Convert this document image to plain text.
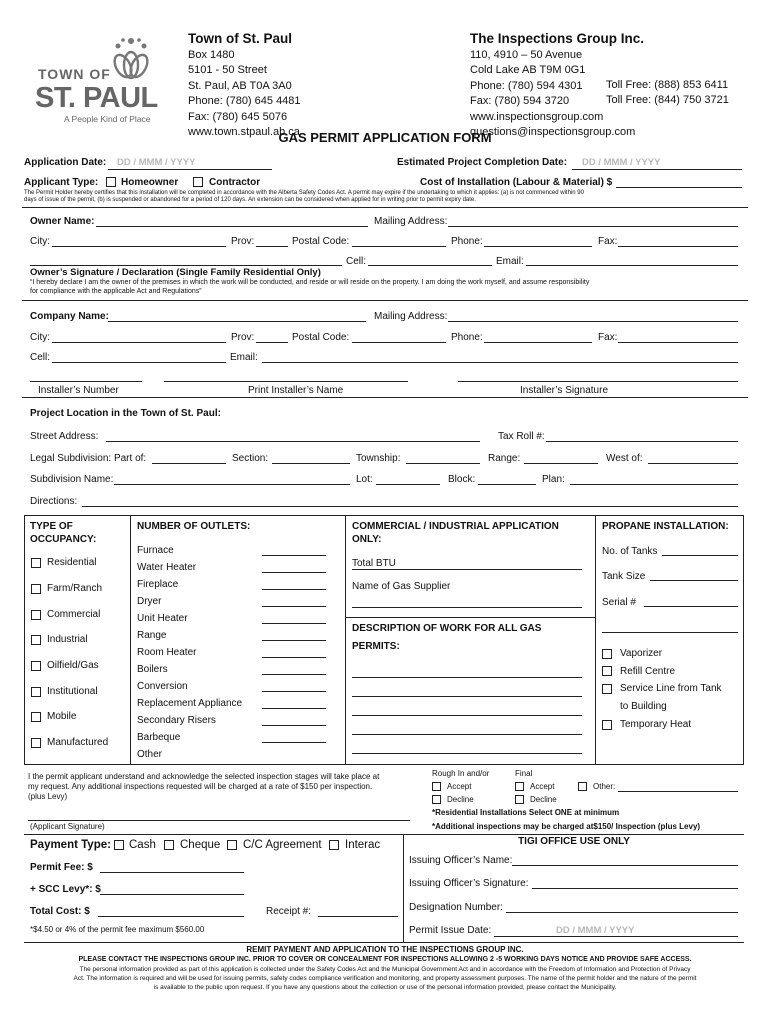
TOWN OF
ST. PAUL
A People Kind of Place
Town of St. Paul
Box 1480
5101 - 50 Street
St. Paul, AB T0A 3A0
Phone: (780) 645 4481
Fax: (780) 645 5076
www.town.stpaul.ab.ca
The Inspections Group Inc.
110, 4910 – 50 Avenue
Cold Lake AB T9M 0G1
Phone: (780) 594 4301
Fax: (780) 594 3720
www.inspectionsgroup.com
questions@inspectionsgroup.com
Toll Free: (888) 853 6411
Toll Free: (844) 750 3721
GAS PERMIT APPLICATION FORM
Application Date: DD / MMM / YYYY	Estimated Project Completion Date: DD / MMM / YYYY
Applicant Type: Homeowner	Contractor	Cost of Installation (Labour & Material) $
The Permit Holder hereby certifies that this installation will be completed in accordance with the Alberta Safety Codes Act. A permit may expire if the undertaking to which it applies: (a) is not commenced within 90
days of issue of the permit, (b) is suspended or abandoned for a period of 120 days. An extension can be considered when applied for in writing prior to permit expiry date.
Owner Name:	Mailing Address:
City:	Prov:	Postal Code:	Phone:	Fax:
Cell:	Email:
Owner’s Signature / Declaration (Single Family Residential Only)
“I hereby declare I am the owner of the premises in which the work will be conducted, and reside or will reside on the property. I am doing the work myself, and assume responsibility
for compliance with the applicable Act and Regulations”
Company Name:	Mailing Address:
City:	Prov:	Postal Code:	Phone:	Fax:
Cell:	Email:
Installer’s Number	Print Installer’s Name	Installer’s Signature
Project Location in the Town of St. Paul:
Street Address:	Tax Roll #:
Legal Subdivision: Part of:	Section:	Township:	Range:	West of:
Subdivision Name:	Lot:	Block:	Plan:
Directions:
TYPE OF
OCCUPANCY:
Residential
Farm/Ranch
Commercial
Industrial
Oilfield/Gas
Institutional
Mobile
Manufactured
NUMBER OF OUTLETS:
Furnace
Water Heater
Fireplace
Dryer
Unit Heater
Range
Room Heater
Boilers
Conversion
Replacement Appliance
Secondary Risers
Barbeque
Other
COMMERCIAL / INDUSTRIAL APPLICATION
ONLY:
Total BTU
Name of Gas Supplier
DESCRIPTION OF WORK FOR ALL GAS
PERMITS:
PROPANE INSTALLATION:
No. of Tanks
Tank Size
Serial #
Vaporizer
Refill Centre
Service Line from Tank
to Building
Temporary Heat
I the permit applicant understand and acknowledge the selected inspection stages will take place at
my request. Any additional inspections requested will be charged at a rate of $150 per inspection.
(plus Levy)
(Applicant Signature)
Rough In and/or	Final
Accept	Accept	Other:
Decline	Decline
*Residential Installations Select ONE at minimum
*Additional inspections may be charged at$150/ Inspection (plus Levy)
Payment Type: Cash Cheque C/C Agreement Interac
Permit Fee: $
+ SCC Levy*: $
Total Cost: $	Receipt #:
*$4.50 or 4% of the permit fee maximum $560.00
TIGI OFFICE USE ONLY
Issuing Officer’s Name:
Issuing Officer’s Signature:
Designation Number:
Permit Issue Date:	DD / MMM / YYYY
REMIT PAYMENT AND APPLICATION TO THE INSPECTIONS GROUP INC.
PLEASE CONTACT THE INSPECTIONS GROUP INC. PRIOR TO COVER OR CONCEALMENT FOR INSPECTIONS ALLOWING 2 -5 WORKING DAYS NOTICE AND PROVIDE SAFE ACCESS.
The personal information provided as part of this application is collected under the Safety Codes Act and the Municipal Government Act and in accordance with the Freedom of Information and Protection of Privacy
Act. The information is required and will be used for issuing permits, safety codes compliance verification and monitoring, and property assessment purposes. The name of the permit holder and the nature of the permit
is available to the public upon request. If you have any questions about the collection or use of the personal information provided, please contact the Municipality.
